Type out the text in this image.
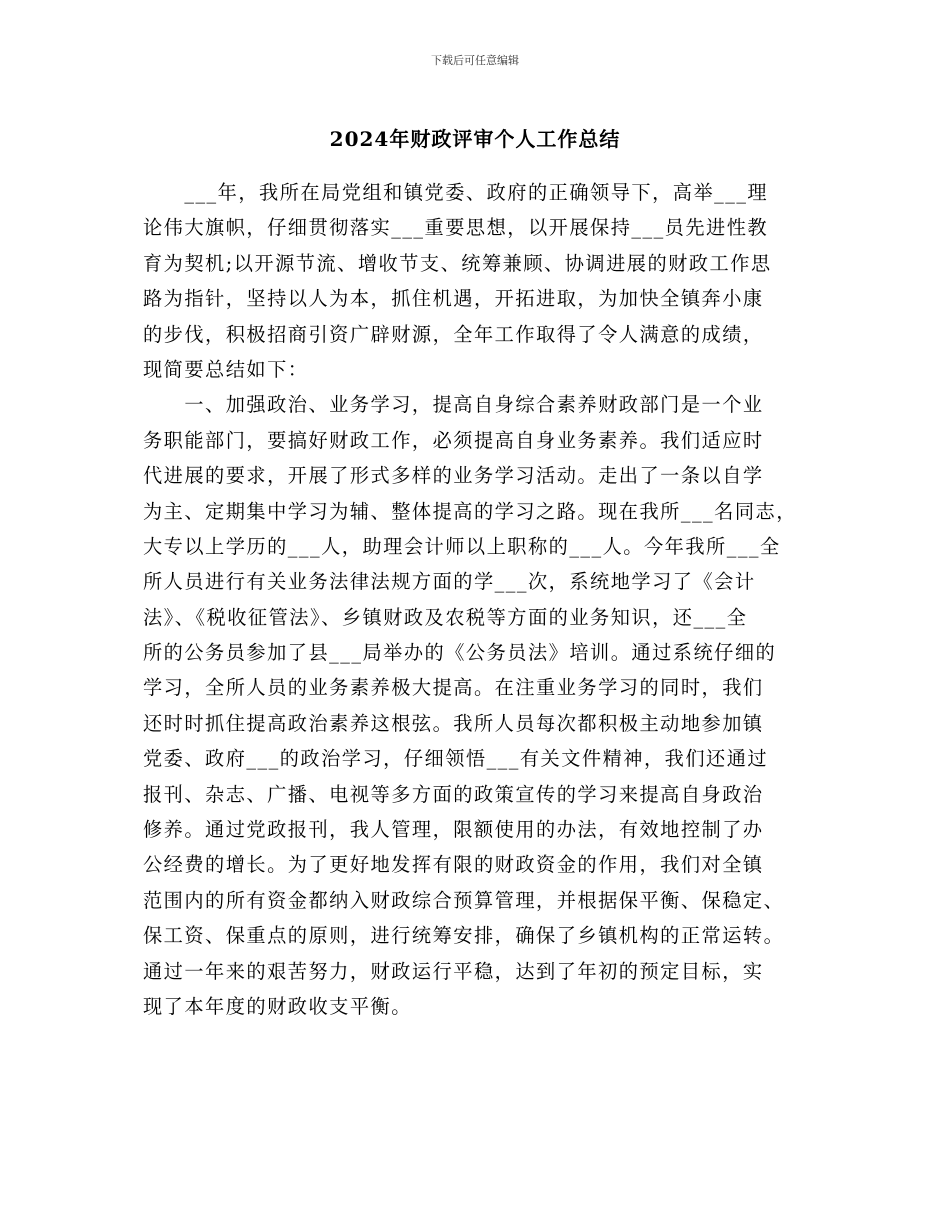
下载后可任意编辑
2024年财政评审个人工作总结
　　___年，我所在局党组和镇党委、政府的正确领导下，高举___理
论伟大旗帜，仔细贯彻落实___重要思想，以开展保持___员先进性教
育为契机;以开源节流、增收节支、统筹兼顾、协调进展的财政工作思
路为指针，坚持以人为本，抓住机遇，开拓进取，为加快全镇奔小康
的步伐，积极招商引资广辟财源，全年工作取得了令人满意的成绩，
现简要总结如下：
　　一、加强政治、业务学习，提高自身综合素养财政部门是一个业
务职能部门，要搞好财政工作，必须提高自身业务素养。我们适应时
代进展的要求，开展了形式多样的业务学习活动。走出了一条以自学
为主、定期集中学习为辅、整体提高的学习之路。现在我所___名同志，
大专以上学历的___人，助理会计师以上职称的___人。今年我所___全
所人员进行有关业务法律法规方面的学___次，系统地学习了《会计
法》、《税收征管法》、乡镇财政及农税等方面的业务知识，还___全
所的公务员参加了县___局举办的《公务员法》培训。通过系统仔细的
学习，全所人员的业务素养极大提高。在注重业务学习的同时，我们
还时时抓住提高政治素养这根弦。我所人员每次都积极主动地参加镇
党委、政府___的政治学习，仔细领悟___有关文件精神，我们还通过
报刊、杂志、广播、电视等多方面的政策宣传的学习来提高自身政治
修养。通过党政报刊，我人管理，限额使用的办法，有效地控制了办
公经费的增长。为了更好地发挥有限的财政资金的作用，我们对全镇
范围内的所有资金都纳入财政综合预算管理，并根据保平衡、保稳定、
保工资、保重点的原则，进行统筹安排，确保了乡镇机构的正常运转。
通过一年来的艰苦努力，财政运行平稳，达到了年初的预定目标，实
现了本年度的财政收支平衡。
